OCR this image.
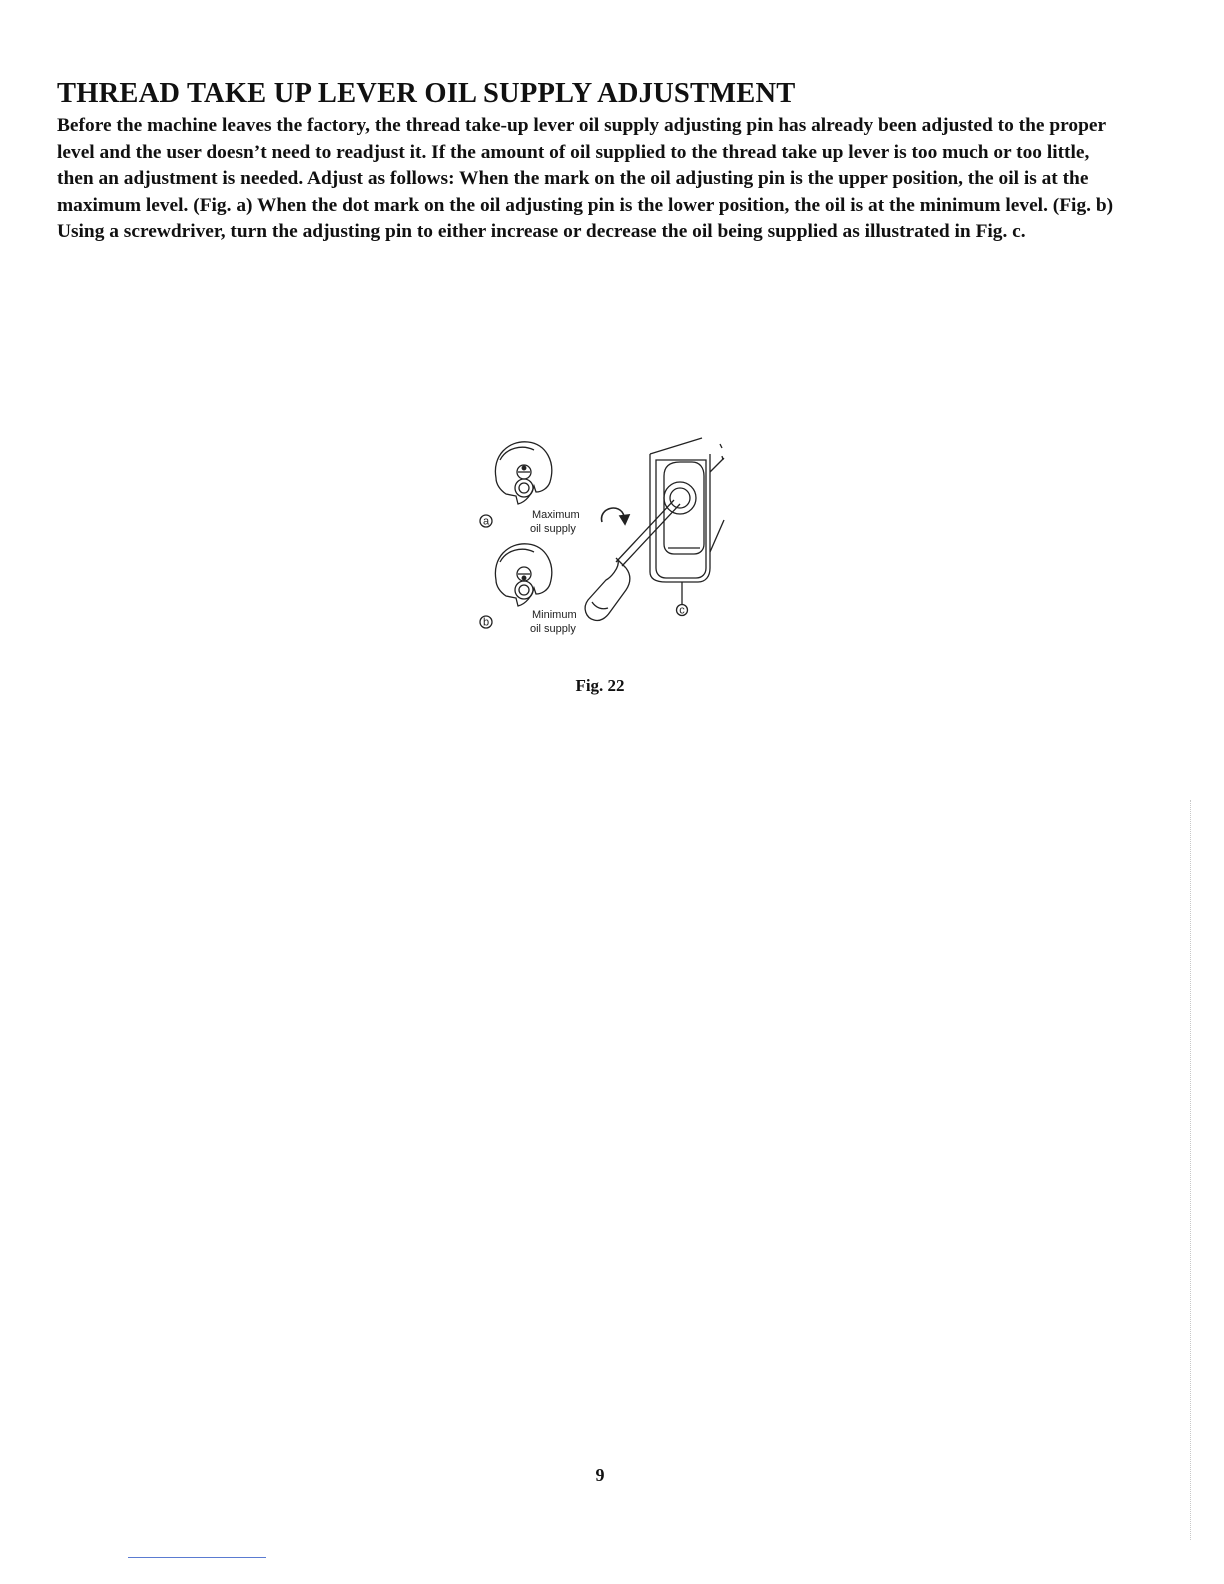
THREAD TAKE UP LEVER OIL SUPPLY ADJUSTMENT

Before the machine leaves the factory, the thread take-up lever oil supply adjusting pin has already been adjusted to the proper level and the user doesn’t need to readjust it. If the amount of oil supplied to the thread take up lever is too much or too little, then an adjustment is needed. Adjust as follows: When the mark on the oil adjusting pin is the upper position, the oil is at the maximum level. (Fig. a) When the dot mark on the oil adjusting pin is the lower position, the oil is at the minimum level. (Fig. b) Using a screwdriver, turn the adjusting pin to either increase or decrease the oil being supplied as illustrated in Fig. c.

a
Maximum
oil supply
b
Minimum
oil supply
c
Fig. 22
9
